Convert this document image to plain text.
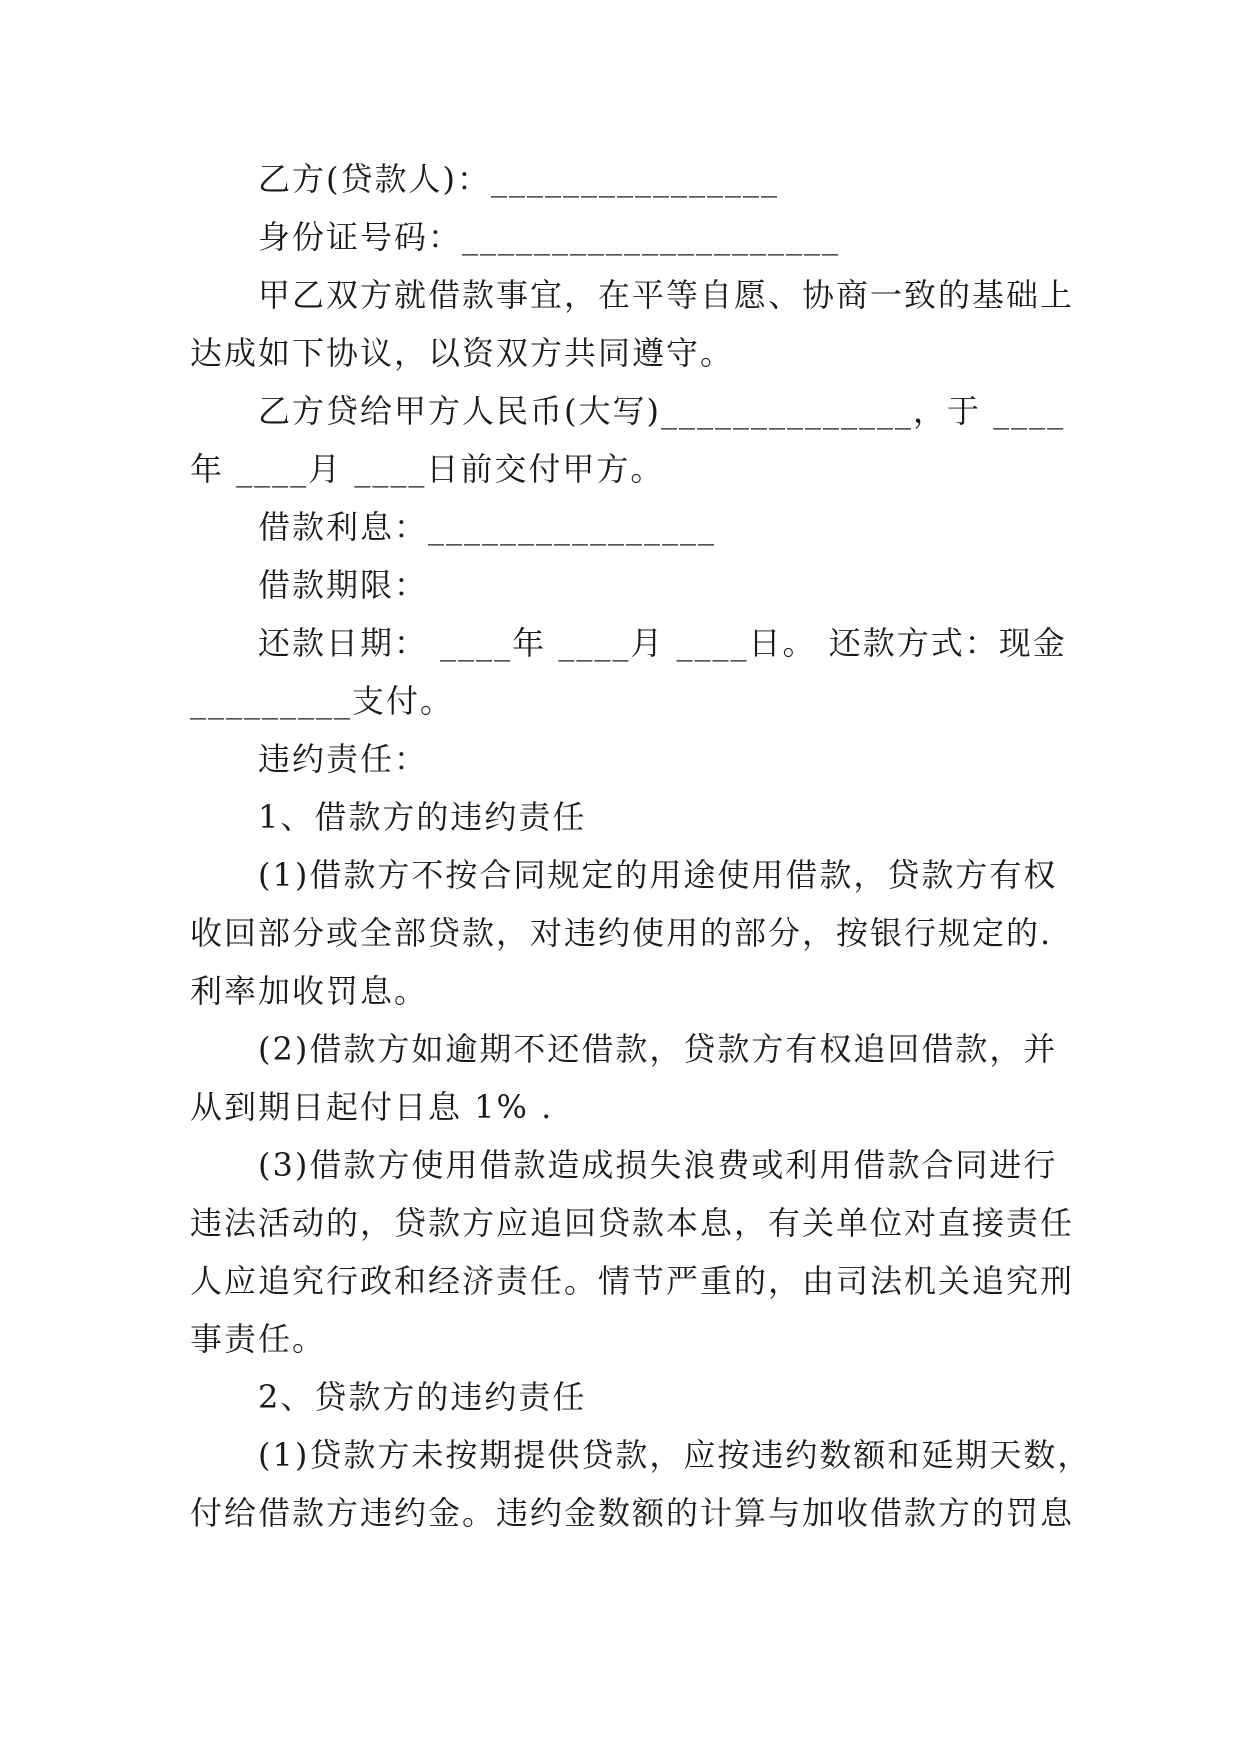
乙方(贷款人)：________________
身份证号码：_____________________
甲乙双方就借款事宜，在平等自愿、协商一致的基础上
达成如下协议，以资双方共同遵守。
乙方贷给甲方人民币(大写)______________，于 ____
年 ____月 ____日前交付甲方。
借款利息：________________
借款期限：
还款日期： ____年 ____月 ____日。 还款方式：现金
_________支付。
违约责任：
1、借款方的违约责任
(1)借款方不按合同规定的用途使用借款，贷款方有权
收回部分或全部贷款，对违约使用的部分，按银行规定的.
利率加收罚息。
(2)借款方如逾期不还借款，贷款方有权追回借款，并
从到期日起付日息 1% .
(3)借款方使用借款造成损失浪费或利用借款合同进行
违法活动的，贷款方应追回贷款本息，有关单位对直接责任
人应追究行政和经济责任。情节严重的，由司法机关追究刑
事责任。
2、贷款方的违约责任
(1)贷款方未按期提供贷款，应按违约数额和延期天数，
付给借款方违约金。违约金数额的计算与加收借款方的罚息
